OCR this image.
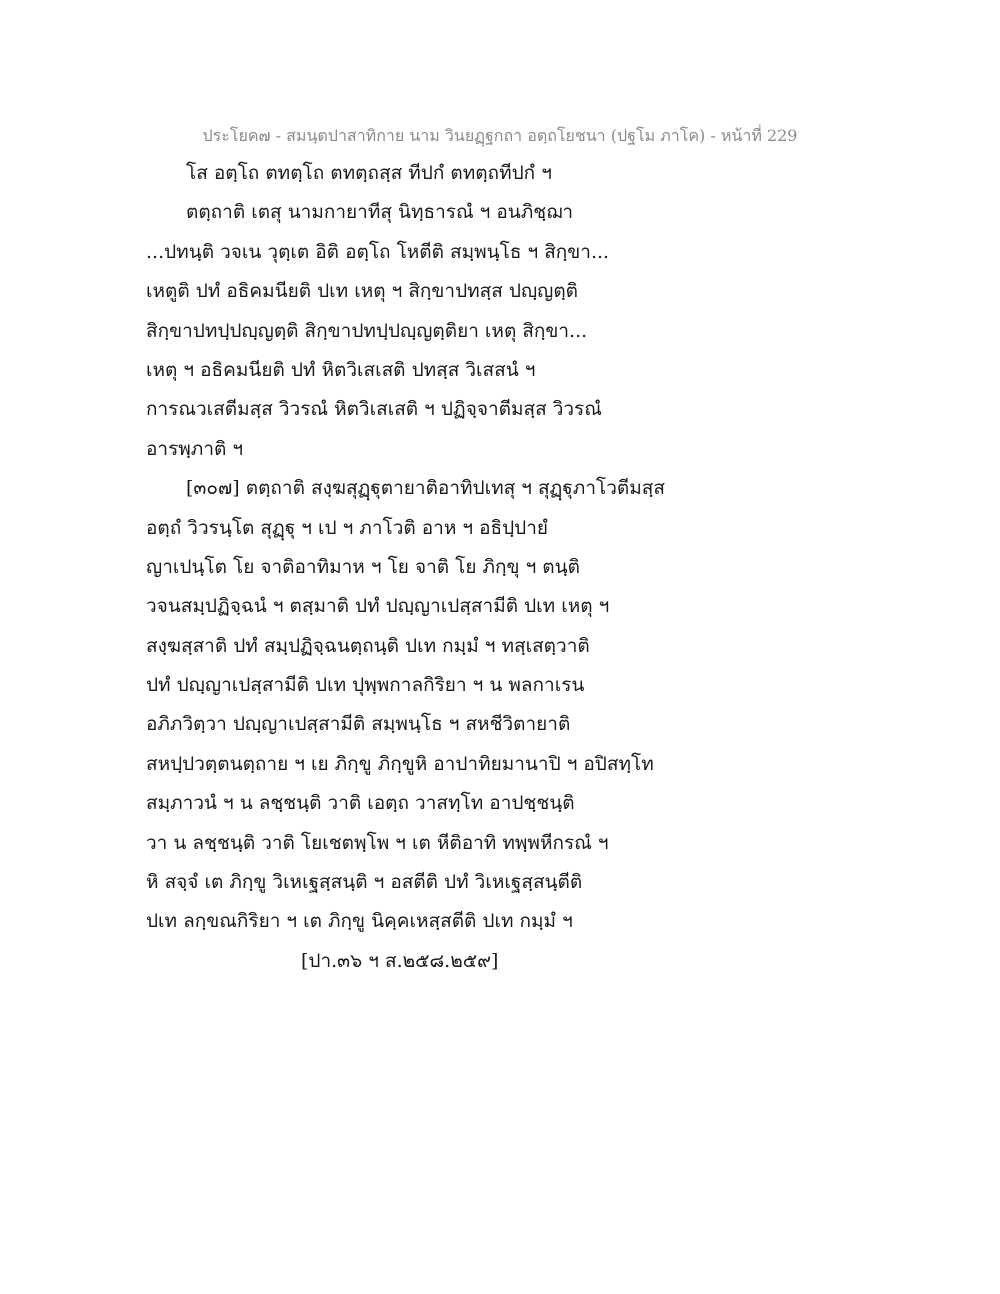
ประโยค๗ - สมนฺตปาสาทิกาย นาม วินยฏฺฐกถา อตฺถโยชนา (ปฐโม ภาโค) - หน้าที่ 229
โส อตฺโถ ตทตฺโถ ตทตฺถสฺส ทีปกํ ตทตฺถทีปกํ ฯ
ตตฺถาติ เตสุ นามกายาทีสุ นิทฺธารณํ ฯ อนภิชฺฌา
...ปทนฺติ วจเน วุตฺเต อิติ อตฺโถ โหตีติ สมฺพนฺโธ ฯ สิกฺขา...
เหตูติ ปทํ อธิคมนียติ ปเท เหตุ ฯ สิกฺขาปทสฺส ปญฺญตฺติ
สิกฺขาปทปฺปญฺญตฺติ สิกฺขาปทปฺปญฺญตฺติยา เหตุ สิกฺขา...
เหตุ ฯ อธิคมนียติ ปทํ หิตวิเสเสติ ปทสฺส วิเสสนํ ฯ
การณวเสตีมสฺส วิวรณํ หิตวิเสเสติ ฯ ปฏิจฺจาตีมสฺส วิวรณํ
อารพฺภาติ ฯ
[๓๐๗] ตตฺถาติ สงฺฆสุฏฺฐุตายาติอาทิปเทสุ ฯ สุฏฺฐุภาโวตีมสฺส
อตฺถํ วิวรนฺโต สุฏฺฐุ ฯ เป ฯ ภาโวติ อาห ฯ อธิปฺปายํ
ญาเปนฺโต โย จาติอาทิมาห ฯ โย จาติ โย ภิกฺขุ ฯ ตนฺติ
วจนสมฺปฏิจฺฉนํ ฯ ตสฺมาติ ปทํ ปญฺญาเปสฺสามีติ ปเท เหตุ ฯ
สงฺฆสฺสาติ ปทํ สมฺปฏิจฺฉนตฺถนฺติ ปเท กมฺมํ ฯ ทสฺเสตฺวาติ
ปทํ ปญฺญาเปสฺสามีติ ปเท ปุพฺพกาลกิริยา ฯ น พลกาเรน
อภิภวิตฺวา ปญฺญาเปสฺสามีติ สมฺพนฺโธ ฯ สหชีวิตายาติ
สหปฺปวตฺตนตฺถาย ฯ เย ภิกฺขู ภิกฺขูหิ อาปาทิยมานาปิ ฯ อปิสทฺโท
สมฺภาวนํ ฯ น ลชฺชนฺติ วาติ เอตฺถ วาสทฺโท อาปชฺชนฺติ
วา น ลชฺชนฺติ วาติ โยเชตพฺโพ ฯ เต หีติอาทิ ทพฺพหีกรณํ ฯ
หิ สจฺจํ เต ภิกฺขู วิเหเฐสฺสนฺติ ฯ อสตีติ ปทํ วิเหเฐสฺสนฺตีติ
ปเท ลกฺขณกิริยา ฯ เต ภิกฺขู นิคฺคเหสฺสตีติ ปเท กมฺมํ ฯ
[ปา.๓๖ ฯ ส.๒๕๘.๒๕๙]
